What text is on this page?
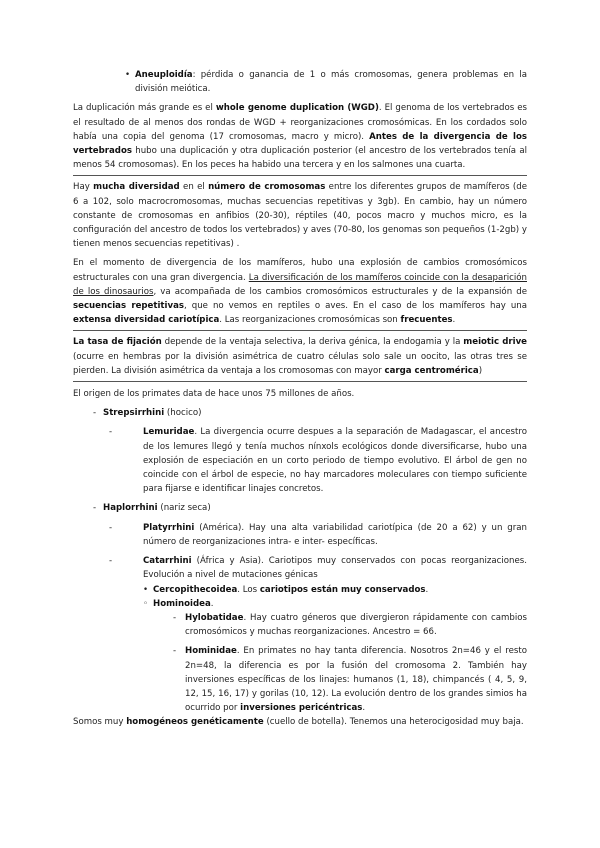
• Aneuploidía: pérdida o ganancia de 1 o más cromosomas, genera problemas en la división meiótica.

La duplicación más grande es el whole genome duplication (WGD). El genoma de los vertebrados es el resultado de al menos dos rondas de WGD + reorganizaciones cromosómicas. En los cordados solo había una copia del genoma (17 cromosomas, macro y micro). Antes de la divergencia de los vertebrados hubo una duplicación y otra duplicación posterior (el ancestro de los vertebrados tenía al menos 54 cromosomas). En los peces ha habido una tercera y en los salmones una cuarta.

Hay mucha diversidad en el número de cromosomas entre los diferentes grupos de mamíferos (de 6 a 102, solo macrocromosomas, muchas secuencias repetitivas y 3gb). En cambio, hay un número constante de cromosomas en anfibios (20-30), réptiles (40, pocos macro y muchos micro, es la configuración del ancestro de todos los vertebrados) y aves (70-80, los genomas son pequeños (1-2gb) y tienen menos secuencias repetitivas) .

En el momento de divergencia de los mamíferos, hubo una explosión de cambios cromosómicos estructurales con una gran divergencia. La diversificación de los mamíferos coincide con la desaparición de los dinosaurios, va acompañada de los cambios cromosómicos estructurales y de la expansión de secuencias repetitivas, que no vemos en reptiles o aves. En el caso de los mamíferos hay una extensa diversidad cariotípica. Las reorganizaciones cromosómicas son frecuentes.

La tasa de fijación depende de la ventaja selectiva, la deriva génica, la endogamia y la meiotic drive (ocurre en hembras por la división asimétrica de cuatro células solo sale un oocito, las otras tres se pierden. La división asimétrica da ventaja a los cromosomas con mayor carga centromérica)

El origen de los primates data de hace unos 75 millones de años.

- Strepsirrhini (hocico)

-	Lemuridae. La divergencia ocurre despues a la separación de Madagascar, el ancestro de los lemures llegó y tenía muchos nínxols ecológicos donde diversificarse, hubo una explosión de especiación en un corto periodo de tiempo evolutivo. El árbol de gen no coincide con el árbol de especie, no hay marcadores moleculares con tiempo suficiente para fijarse e identificar linajes concretos.

- Haplorrhini (nariz seca)

-	Platyrrhini (América). Hay una alta variabilidad cariotípica (de 20 a 62) y un gran número de reorganizaciones intra- e inter- específicas.

-	Catarrhini (África y Asia). Cariotipos muy conservados con pocas reorganizaciones. Evolución a nivel de mutaciones génicas

• Cercopithecoidea. Los cariotipos están muy conservados.

◦ Hominoidea.

- Hylobatidae. Hay cuatro géneros que divergieron rápidamente con cambios cromosómicos y muchas reorganizaciones. Ancestro = 66.

- Hominidae. En primates no hay tanta diferencia. Nosotros 2n=46 y el resto 2n=48, la diferencia es por la fusión del cromosoma 2. También hay inversiones específicas de los linajes: humanos (1, 18), chimpancés ( 4, 5, 9, 12, 15, 16, 17) y gorilas (10, 12). La evolución dentro de los grandes simios ha ocurrido por inversiones pericéntricas.

Somos muy homogéneos genéticamente (cuello de botella). Tenemos una heterocigosidad muy baja.
